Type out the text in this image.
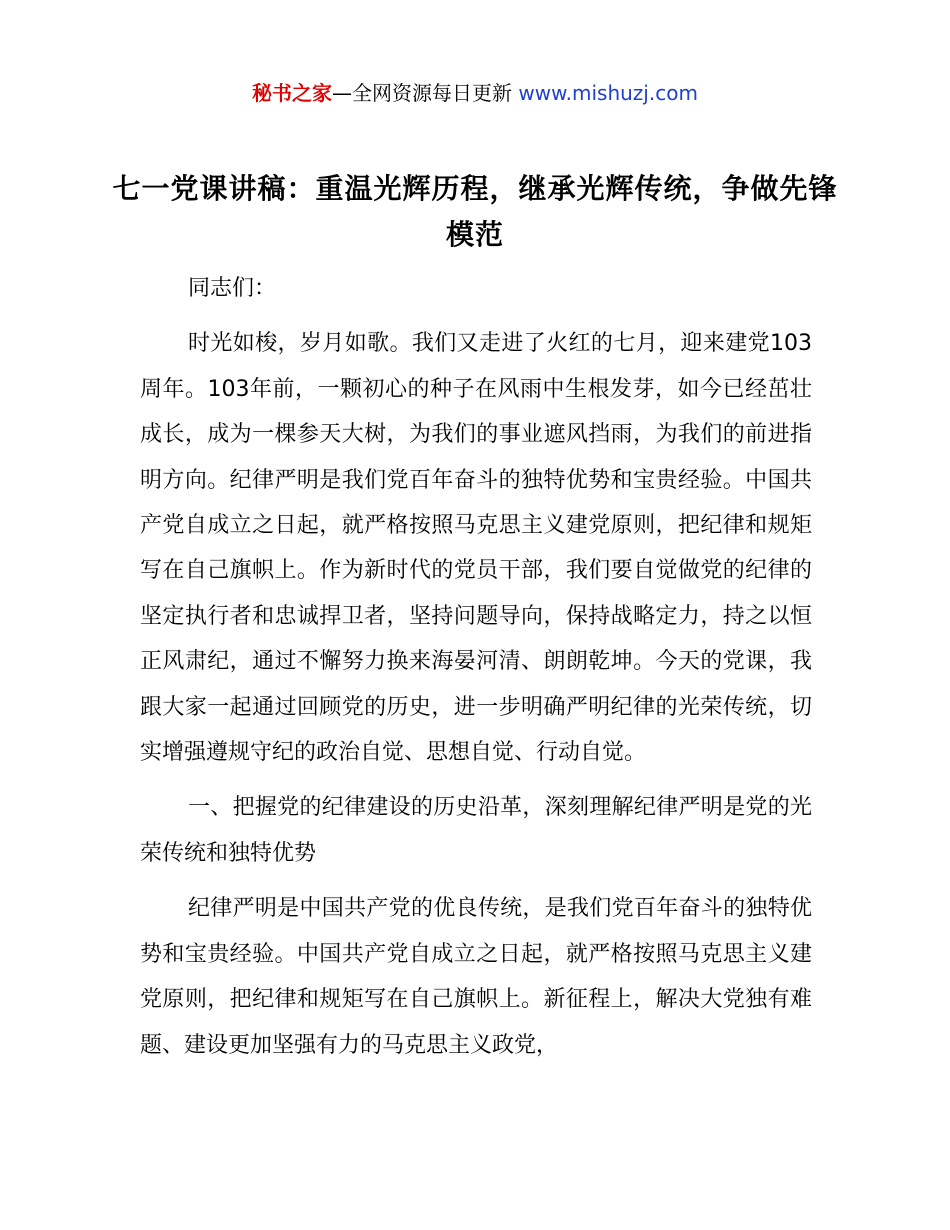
秘书之家—全网资源每日更新 www.mishuzj.com
七一党课讲稿：重温光辉历程，继承光辉传统，争做先锋模范

同志们：

时光如梭，岁月如歌。我们又走进了火红的七月，迎来建党103周年。103年前，一颗初心的种子在风雨中生根发芽，如今已经茁壮成长，成为一棵参天大树，为我们的事业遮风挡雨，为我们的前进指明方向。纪律严明是我们党百年奋斗的独特优势和宝贵经验。中国共产党自成立之日起，就严格按照马克思主义建党原则，把纪律和规矩写在自己旗帜上。作为新时代的党员干部，我们要自觉做党的纪律的坚定执行者和忠诚捍卫者，坚持问题导向，保持战略定力，持之以恒正风肃纪，通过不懈努力换来海晏河清、朗朗乾坤。今天的党课，我跟大家一起通过回顾党的历史，进一步明确严明纪律的光荣传统，切实增强遵规守纪的政治自觉、思想自觉、行动自觉。

一、把握党的纪律建设的历史沿革，深刻理解纪律严明是党的光荣传统和独特优势

纪律严明是中国共产党的优良传统，是我们党百年奋斗的独特优势和宝贵经验。中国共产党自成立之日起，就严格按照马克思主义建党原则，把纪律和规矩写在自己旗帜上。新征程上，解决大党独有难题、建设更加坚强有力的马克思主义政党，
